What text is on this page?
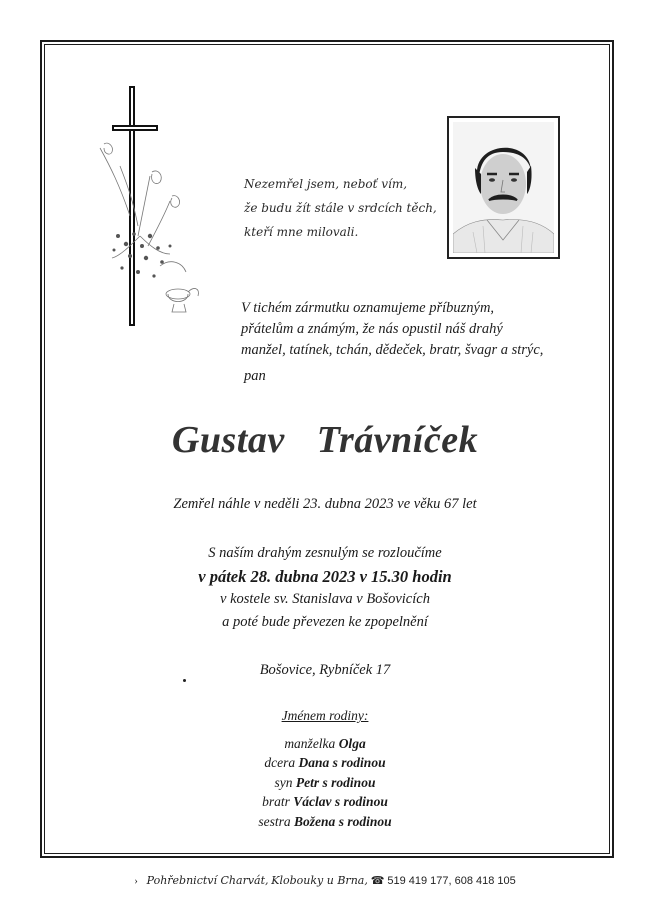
Nezemřel jsem, neboť vím,
že budu žít stále v srdcích těch,
kteří mne milovali.
V tichém zármutku oznamujeme příbuzným,
přátelům a známým, že nás opustil náš drahý
manžel, tatínek, tchán, dědeček, bratr, švagr a strýc,
pan
Gustav Trávníček
Zemřel náhle v neděli 23. dubna 2023 ve věku 67 let
S naším drahým zesnulým se rozloučíme
v pátek 28. dubna 2023 v 15.30 hodin
v kostele sv. Stanislava v Bošovicích
a poté bude převezen ke zpopelnění
Bošovice, Rybníček 17
Jménem rodiny:
manželka Olga
dcera Dana s rodinou
syn Petr s rodinou
bratr Václav s rodinou
sestra Božena s rodinou
› Pohřebnictví Charvát, Klobouky u Brna, ☎ 519 419 177, 608 418 105
